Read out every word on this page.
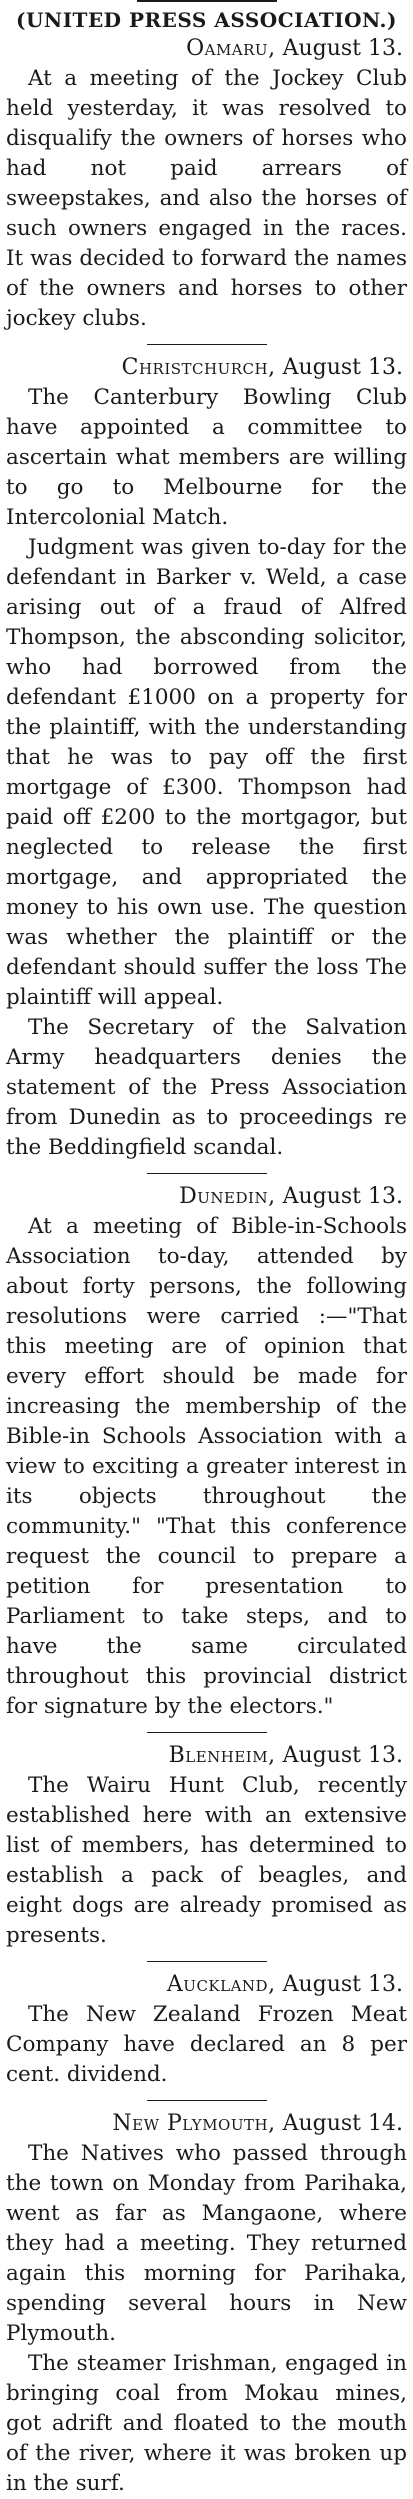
(UNITED PRESS ASSOCIATION.)
Oamaru, August 13.

At a meeting of the Jockey Club held yesterday, it was resolved to disqualify the owners of horses who had not paid arrears of sweepstakes, and also the horses of such owners engaged in the races. It was decided to forward the names of the owners and horses to other jockey clubs.

Christchurch, August 13.

The Canterbury Bowling Club have appointed a committee to ascertain what members are willing to go to Melbourne for the Intercolonial Match.

Judgment was given to-day for the defendant in Barker v. Weld, a case arising out of a fraud of Alfred Thompson, the absconding solicitor, who had borrowed from the defendant £1000 on a property for the plaintiff, with the understanding that he was to pay off the first mortgage of £300. Thompson had paid off £200 to the mortgagor, but neglected to release the first mortgage, and appropriated the money to his own use. The question was whether the plaintiff or the defendant should suffer the loss The plaintiff will appeal.

The Secretary of the Salvation Army headquarters denies the statement of the Press Association from Dunedin as to proceedings re the Beddingfield scandal.

Dunedin, August 13.

At a meeting of Bible-in-Schools Association to-day, attended by about forty persons, the following resolutions were carried :—"That this meeting are of opinion that every effort should be made for increasing the membership of the Bible-in Schools Association with a view to exciting a greater interest in its objects throughout the community." "That this conference request the council to prepare a petition for presentation to Parliament to take steps, and to have the same circulated throughout this provincial district for signature by the electors."

Blenheim, August 13.

The Wairu Hunt Club, recently established here with an extensive list of members, has determined to establish a pack of beagles, and eight dogs are already promised as presents.

Auckland, August 13.

The New Zealand Frozen Meat Company have declared an 8 per cent. dividend.

New Plymouth, August 14.

The Natives who passed through the town on Monday from Parihaka, went as far as Mangaone, where they had a meeting. They returned again this morning for Parihaka, spending several hours in New Plymouth.

The steamer Irishman, engaged in bringing coal from Mokau mines, got adrift and floated to the mouth of the river, where it was broken up in the surf.
